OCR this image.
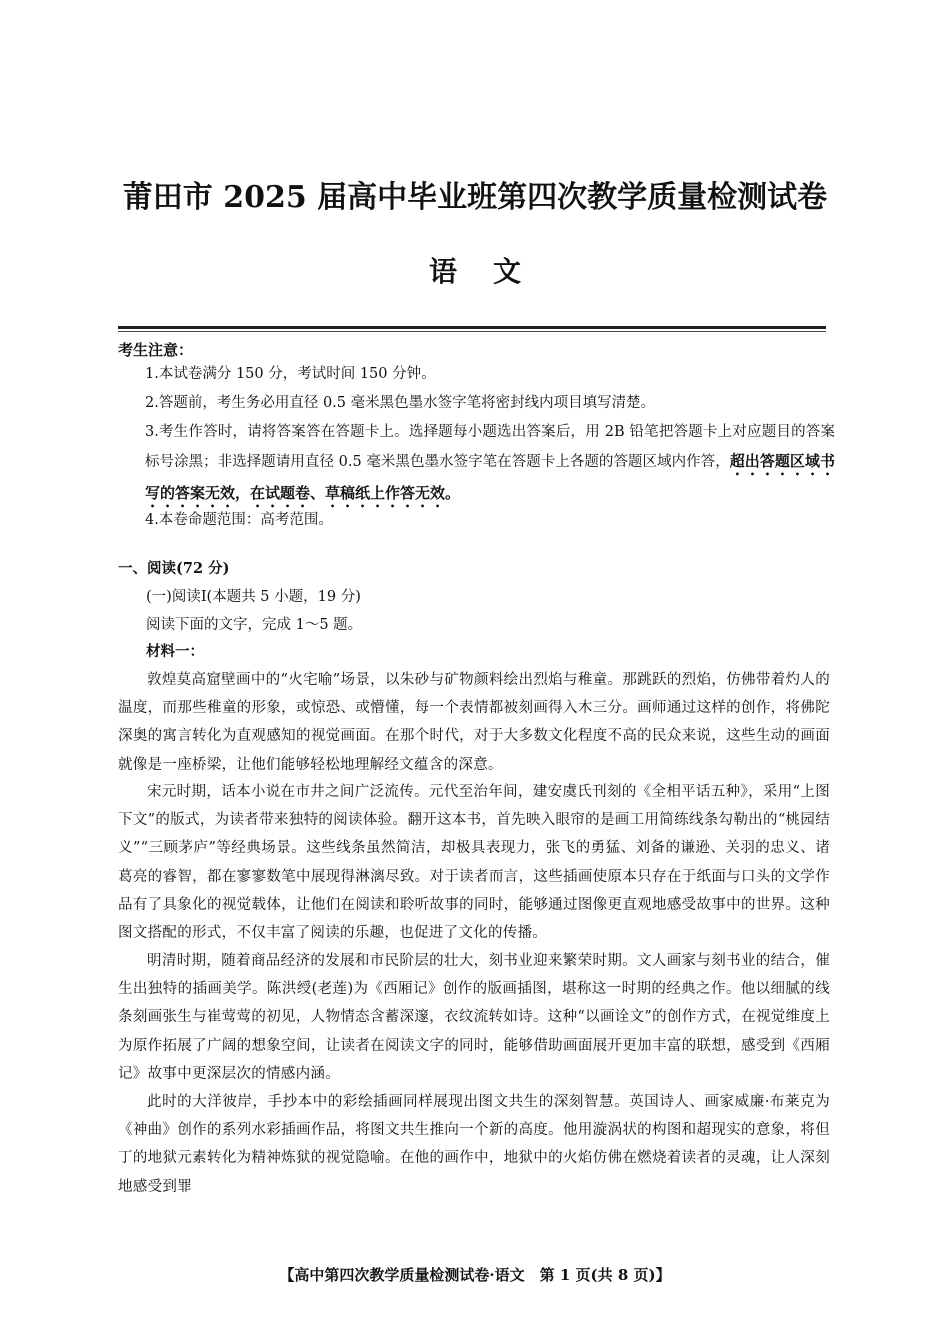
莆田市 2025 届高中毕业班第四次教学质量检测试卷
语文
考生注意：
1.本试卷满分 150 分，考试时间 150 分钟。
2.答题前，考生务必用直径 0.5 毫米黑色墨水签字笔将密封线内项目填写清楚。
3.考生作答时，请将答案答在答题卡上。选择题每小题选出答案后，用 2B 铅笔把答题卡上对应题目的答案标号涂黑；非选择题请用直径 0.5 毫米黑色墨水签字笔在答题卡上各题的答题区域内作答，超出答题区域书写的答案无效，在试题卷、草稿纸上作答无效。
4.本卷命题范围：高考范围。
一、阅读(72 分)
(一)阅读Ⅰ(本题共 5 小题，19 分)
阅读下面的文字，完成 1～5 题。
材料一：
敦煌莫高窟壁画中的“火宅喻”场景，以朱砂与矿物颜料绘出烈焰与稚童。那跳跃的烈焰，仿佛带着灼人的温度，而那些稚童的形象，或惊恐、或懵懂，每一个表情都被刻画得入木三分。画师通过这样的创作，将佛陀深奥的寓言转化为直观感知的视觉画面。在那个时代，对于大多数文化程度不高的民众来说，这些生动的画面就像是一座桥梁，让他们能够轻松地理解经文蕴含的深意。
宋元时期，话本小说在市井之间广泛流传。元代至治年间，建安虞氏刊刻的《全相平话五种》，采用“上图下文”的版式，为读者带来独特的阅读体验。翻开这本书，首先映入眼帘的是画工用简练线条勾勒出的“桃园结义”“三顾茅庐”等经典场景。这些线条虽然简洁，却极具表现力，张飞的勇猛、刘备的谦逊、关羽的忠义、诸葛亮的睿智，都在寥寥数笔中展现得淋漓尽致。对于读者而言，这些插画使原本只存在于纸面与口头的文学作品有了具象化的视觉载体，让他们在阅读和聆听故事的同时，能够通过图像更直观地感受故事中的世界。这种图文搭配的形式，不仅丰富了阅读的乐趣，也促进了文化的传播。
明清时期，随着商品经济的发展和市民阶层的壮大，刻书业迎来繁荣时期。文人画家与刻书业的结合，催生出独特的插画美学。陈洪绶(老莲)为《西厢记》创作的版画插图，堪称这一时期的经典之作。他以细腻的线条刻画张生与崔莺莺的初见，人物情态含蓄深邃，衣纹流转如诗。这种“以画诠文”的创作方式，在视觉维度上为原作拓展了广阔的想象空间，让读者在阅读文字的同时，能够借助画面展开更加丰富的联想，感受到《西厢记》故事中更深层次的情感内涵。
此时的大洋彼岸，手抄本中的彩绘插画同样展现出图文共生的深刻智慧。英国诗人、画家威廉·布莱克为《神曲》创作的系列水彩插画作品，将图文共生推向一个新的高度。他用漩涡状的构图和超现实的意象，将但丁的地狱元素转化为精神炼狱的视觉隐喻。在他的画作中，地狱中的火焰仿佛在燃烧着读者的灵魂，让人深刻地感受到罪
【高中第四次教学质量检测试卷·语文　第 1 页(共 8 页)】
